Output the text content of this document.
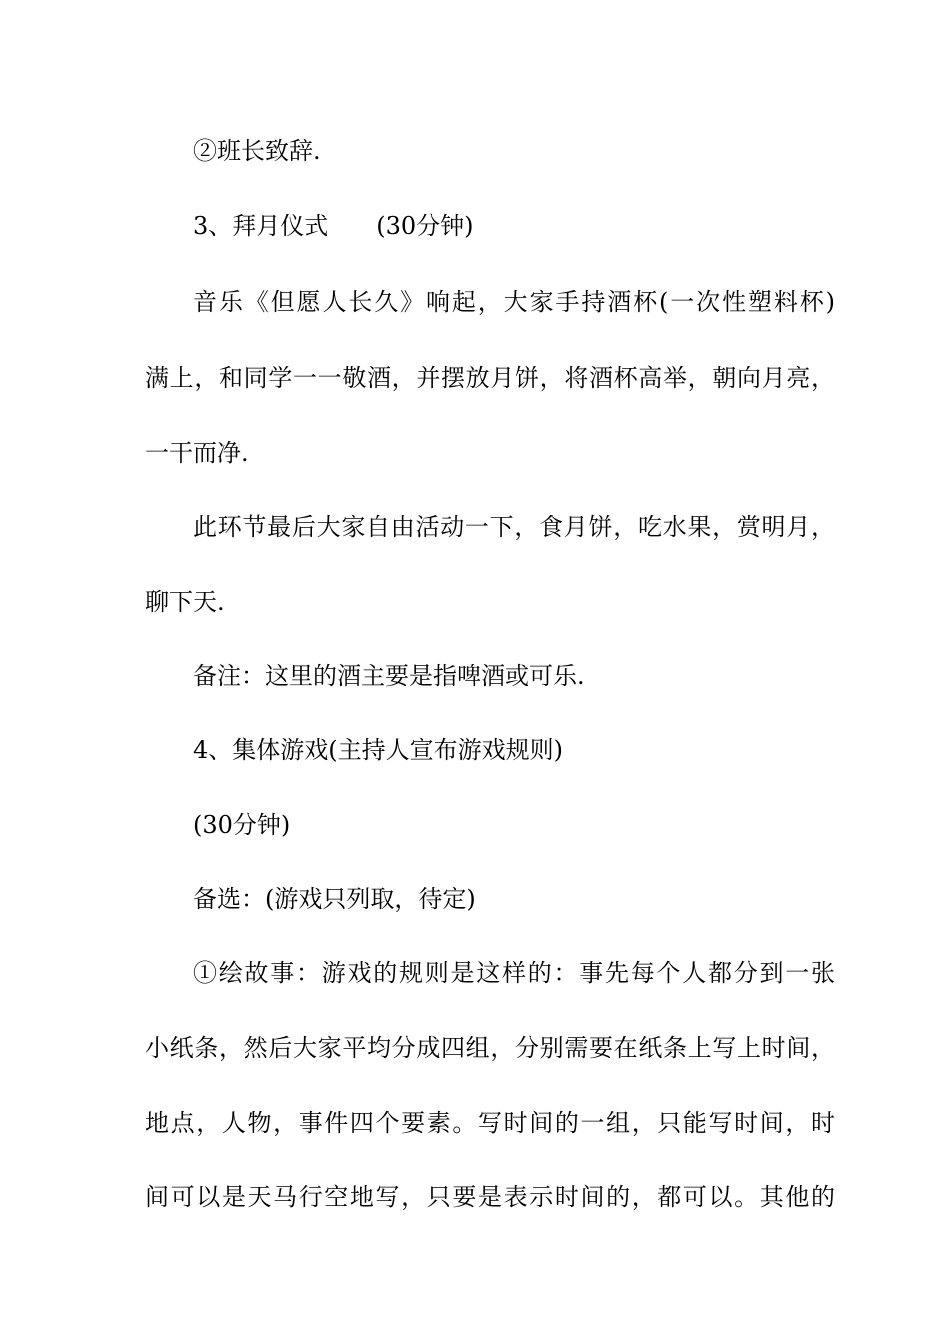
②班长致辞.
3、拜月仪式　　(30分钟)
音乐《但愿人长久》响起，大家手持酒杯(一次性塑料杯)
满上，和同学一一敬酒，并摆放月饼，将酒杯高举，朝向月亮，
一干而净.
此环节最后大家自由活动一下，食月饼，吃水果，赏明月，
聊下天.
备注：这里的酒主要是指啤酒或可乐.
4、集体游戏(主持人宣布游戏规则)
(30分钟)
备选：(游戏只列取，待定)
①绘故事：游戏的规则是这样的：事先每个人都分到一张
小纸条，然后大家平均分成四组，分别需要在纸条上写上时间，
地点，人物，事件四个要素。写时间的一组，只能写时间，时
间可以是天马行空地写，只要是表示时间的，都可以。其他的
